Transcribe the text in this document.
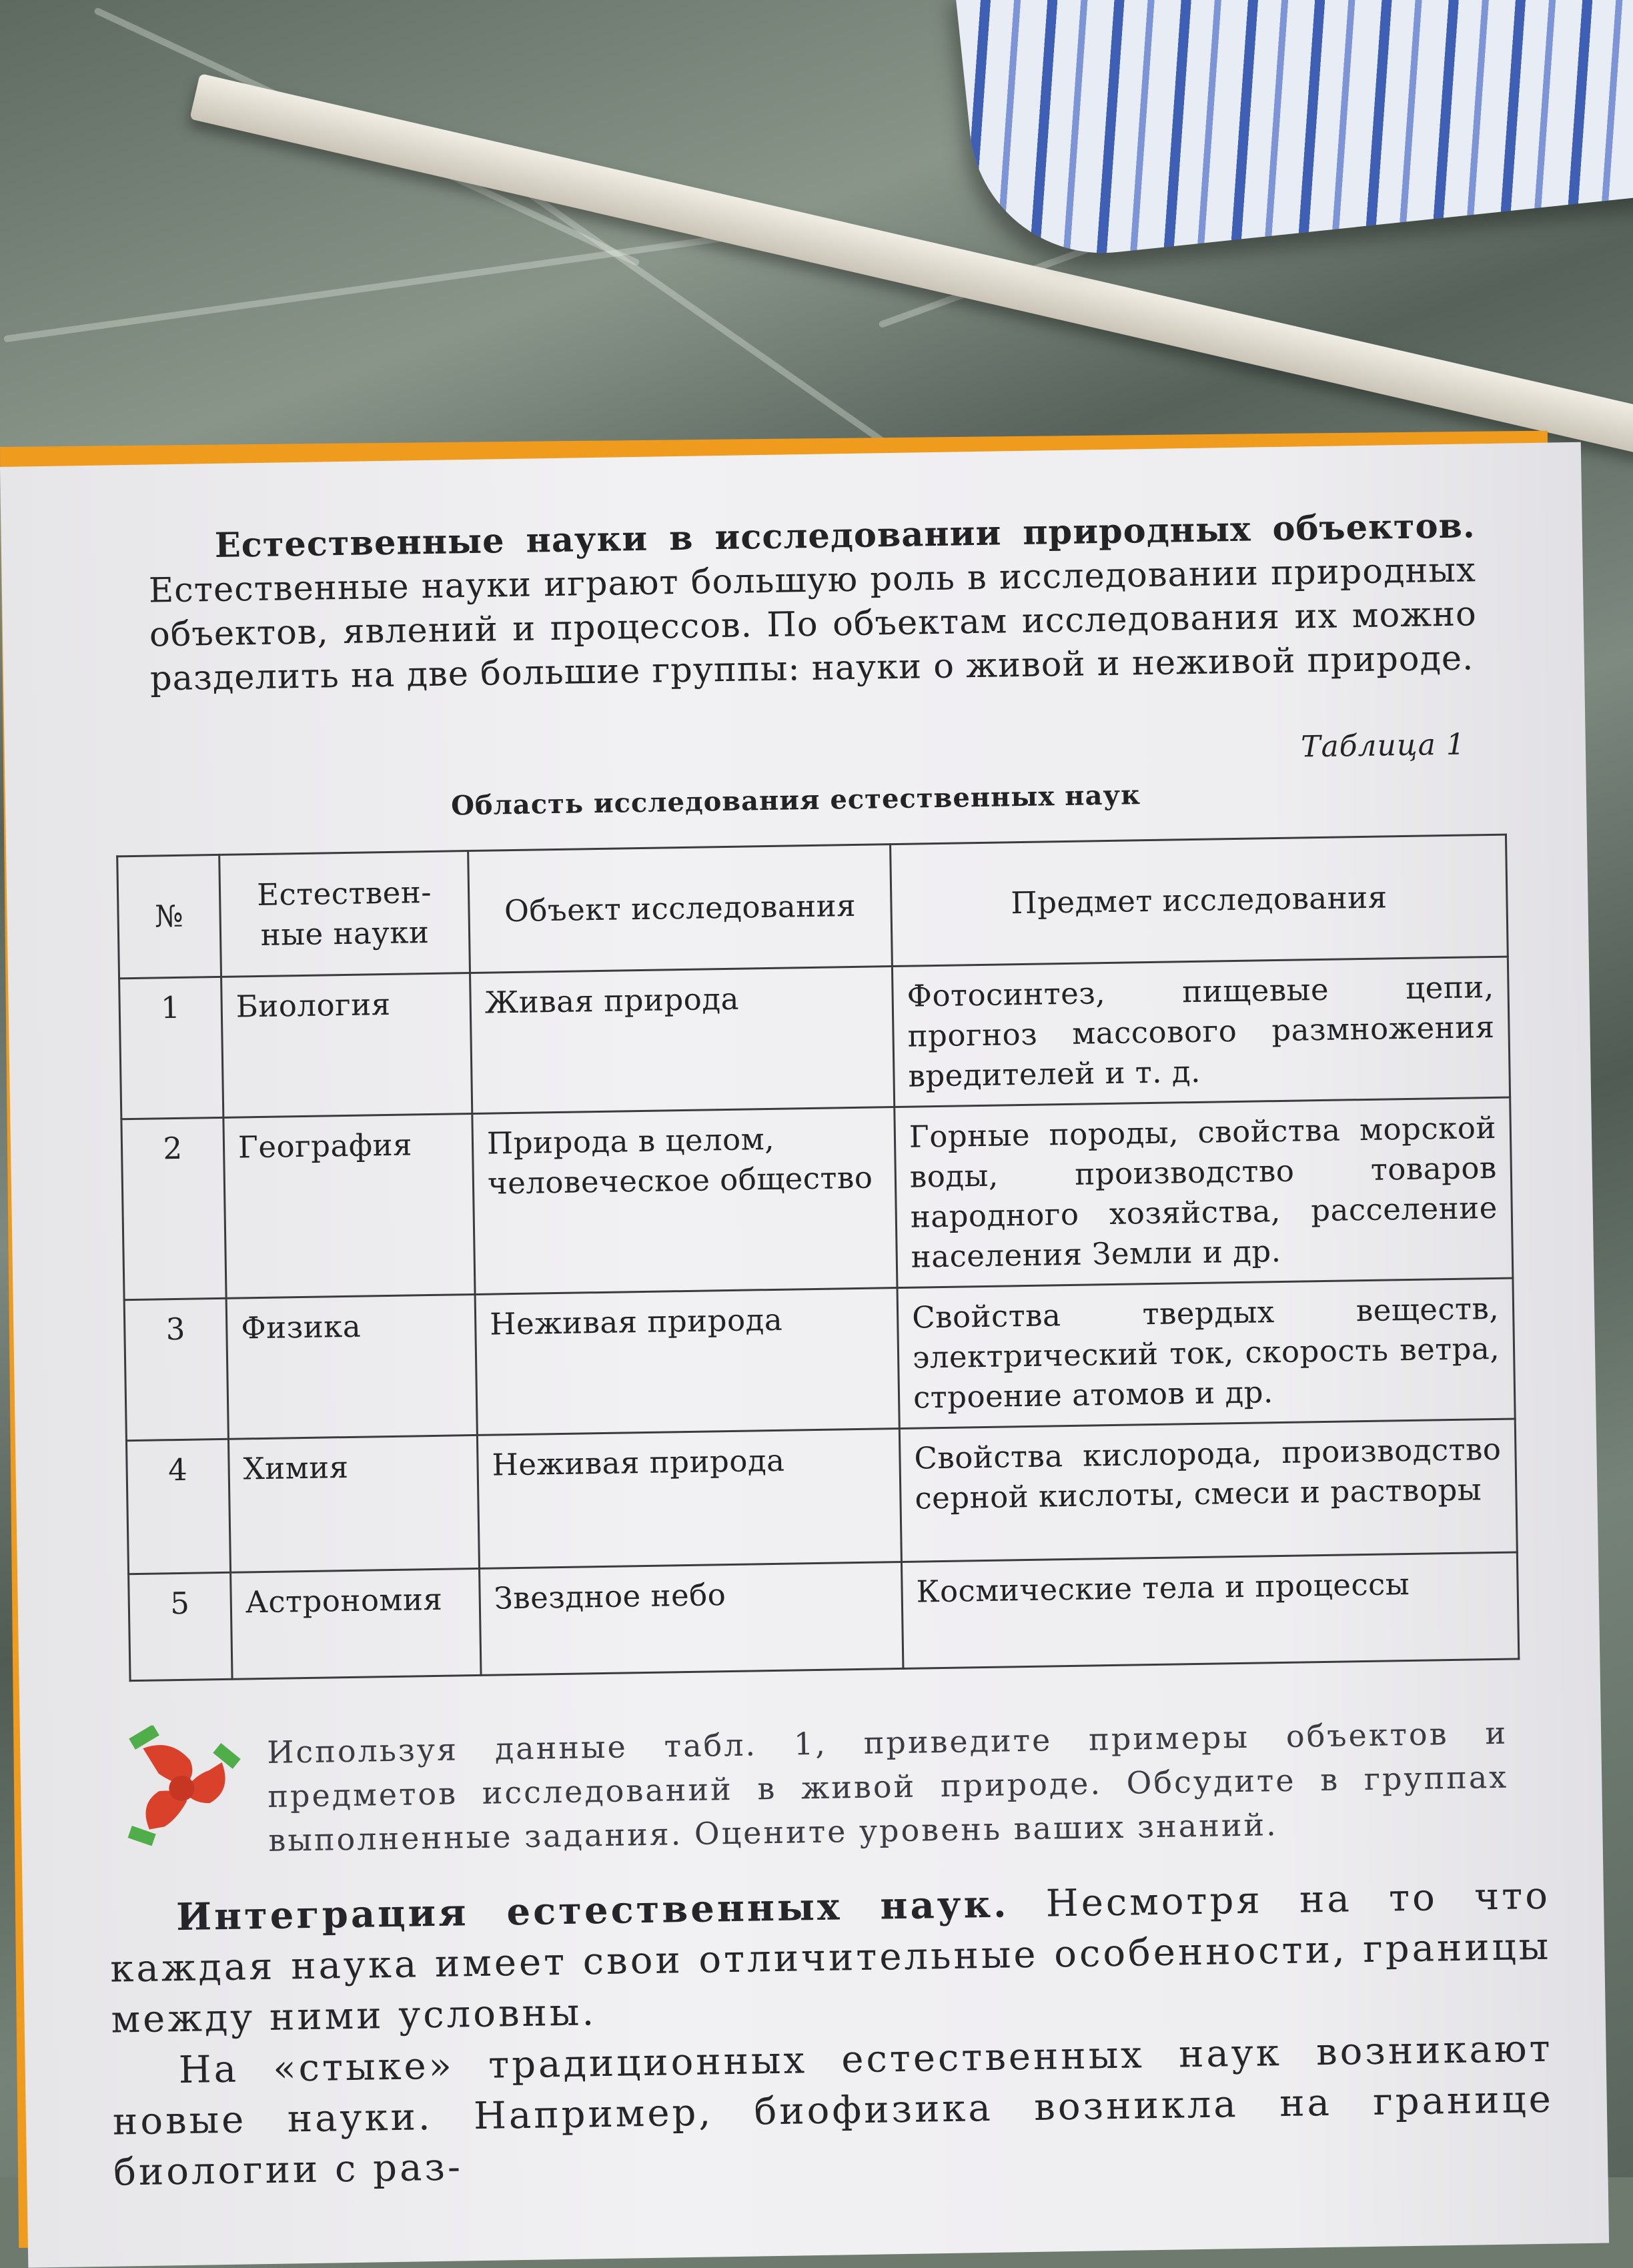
Естественные науки в исследовании природных объектов. Естественные науки играют большую роль в исследовании природных объектов, явлений и процессов. По объектам исследования их можно разделить на две большие группы: науки о живой и неживой природе.

Таблица 1
Область исследования естественных наук
№	Естествен-ные науки	Объект исследования	Предмет исследования
1	Биология	Живая природа	Фотосинтез, пищевые цепи, прогноз массового размножения вредителей и т. д.
2	География	Природа в целом, человеческое общество	Горные породы, свойства морской воды, производство товаров народного хозяйства, расселение населения Земли и др.
3	Физика	Неживая природа	Свойства твердых веществ, электрический ток, скорость ветра, строение атомов и др.
4	Химия	Неживая природа	Свойства кислорода, производство серной кислоты, смеси и растворы
5	Астрономия	Звездное небо	Космические тела и процессы

Используя данные табл. 1, приведите примеры объектов и предметов исследований в живой природе. Обсудите в группах выполненные задания. Оцените уровень ваших знаний.

Интеграция естественных наук. Несмотря на то что каждая наука имеет свои отличительные особенности, границы между ними условны.

На «стыке» традиционных естественных наук возникают новые науки. Например, биофизика возникла на границе биологии с раз-
